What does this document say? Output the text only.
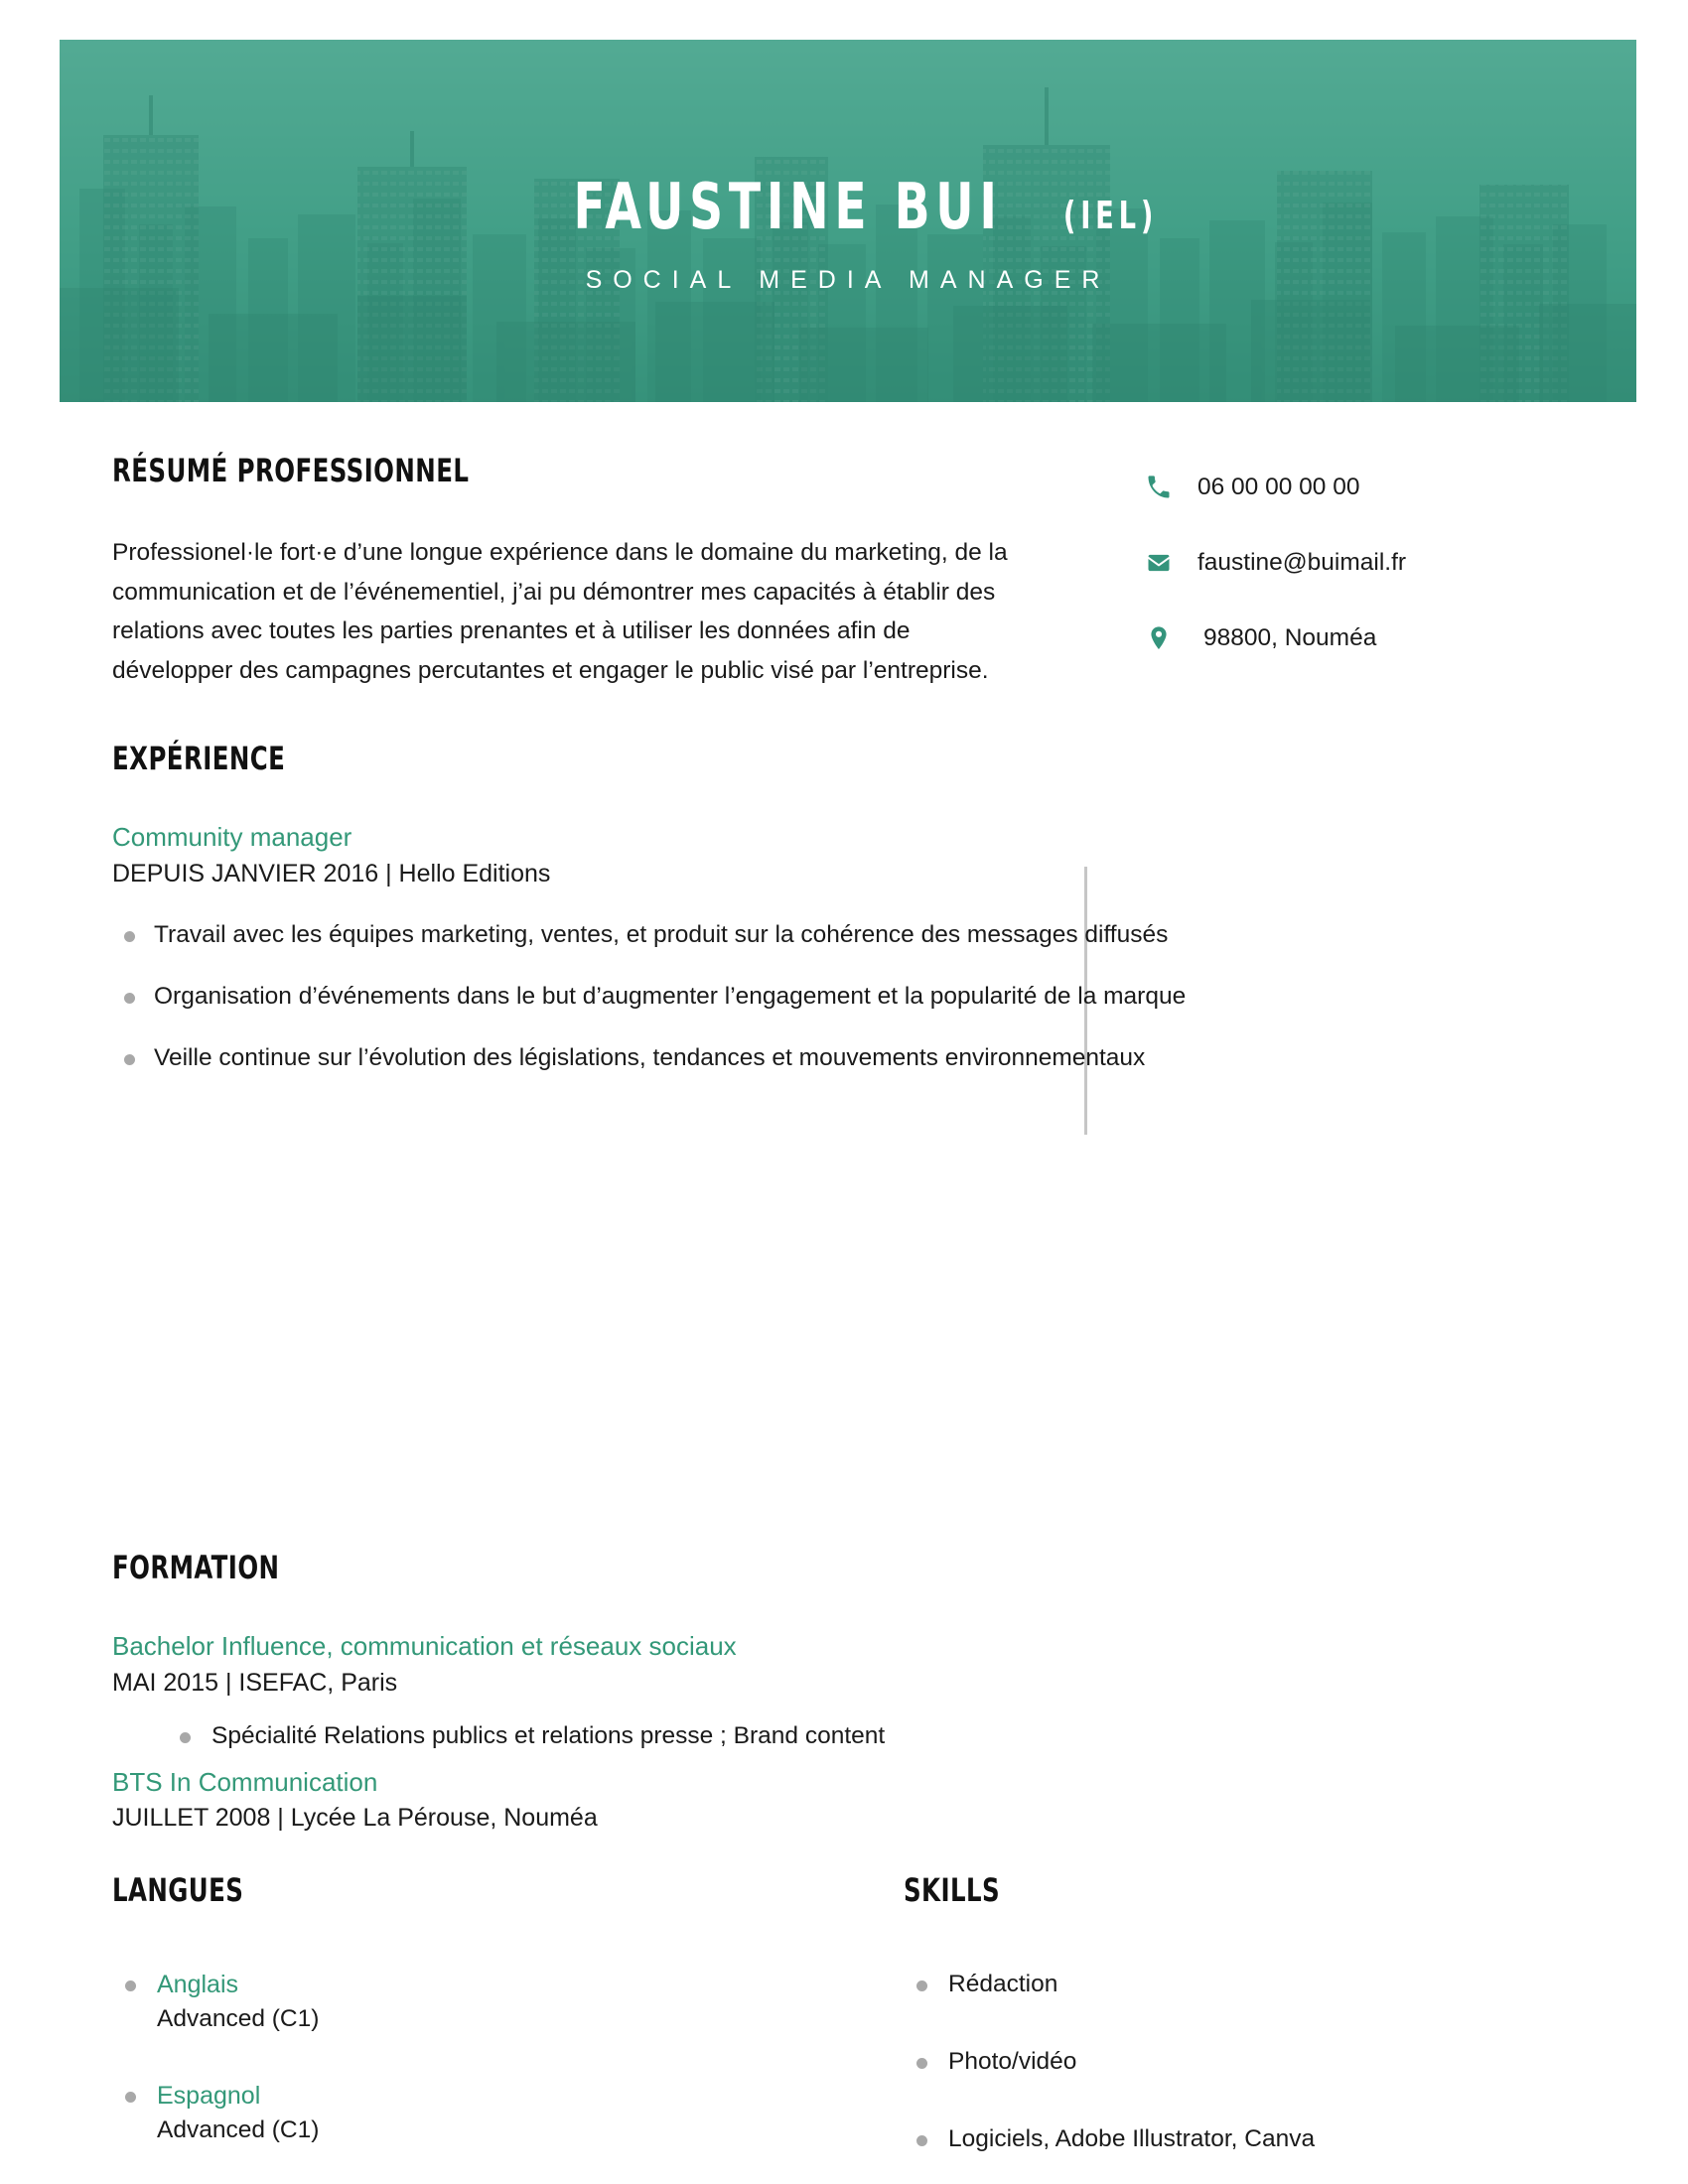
FAUSTINE BUI (IEL)
SOCIAL MEDIA MANAGER
RÉSUMÉ PROFESSIONNEL
Professionel·le fort·e d’une longue expérience dans le domaine du marketing, de la communication et de l’événementiel, j’ai pu démontrer mes capacités à établir des relations avec toutes les parties prenantes et à utiliser les données afin de développer des campagnes percutantes et engager le public visé par l’entreprise.
06 00 00 00 00
faustine@buimail.fr
98800, Nouméa
EXPÉRIENCE
Community manager
DEPUIS JANVIER 2016 | Hello Editions
Travail avec les équipes marketing, ventes, et produit sur la cohérence des messages diffusés
Organisation d’événements dans le but d’augmenter l’engagement et la popularité de la marque
Veille continue sur l’évolution des législations, tendances et mouvements environnementaux
FORMATION
Bachelor Influence, communication et réseaux sociaux
MAI 2015 | ISEFAC, Paris
Spécialité Relations publics et relations presse ; Brand content
BTS In Communication
JUILLET 2008 | Lycée La Pérouse, Nouméa
LANGUES
Anglais
Advanced (C1)
Espagnol
Advanced (C1)
SKILLS
Rédaction
Photo/vidéo
Logiciels, Adobe Illustrator, Canva
